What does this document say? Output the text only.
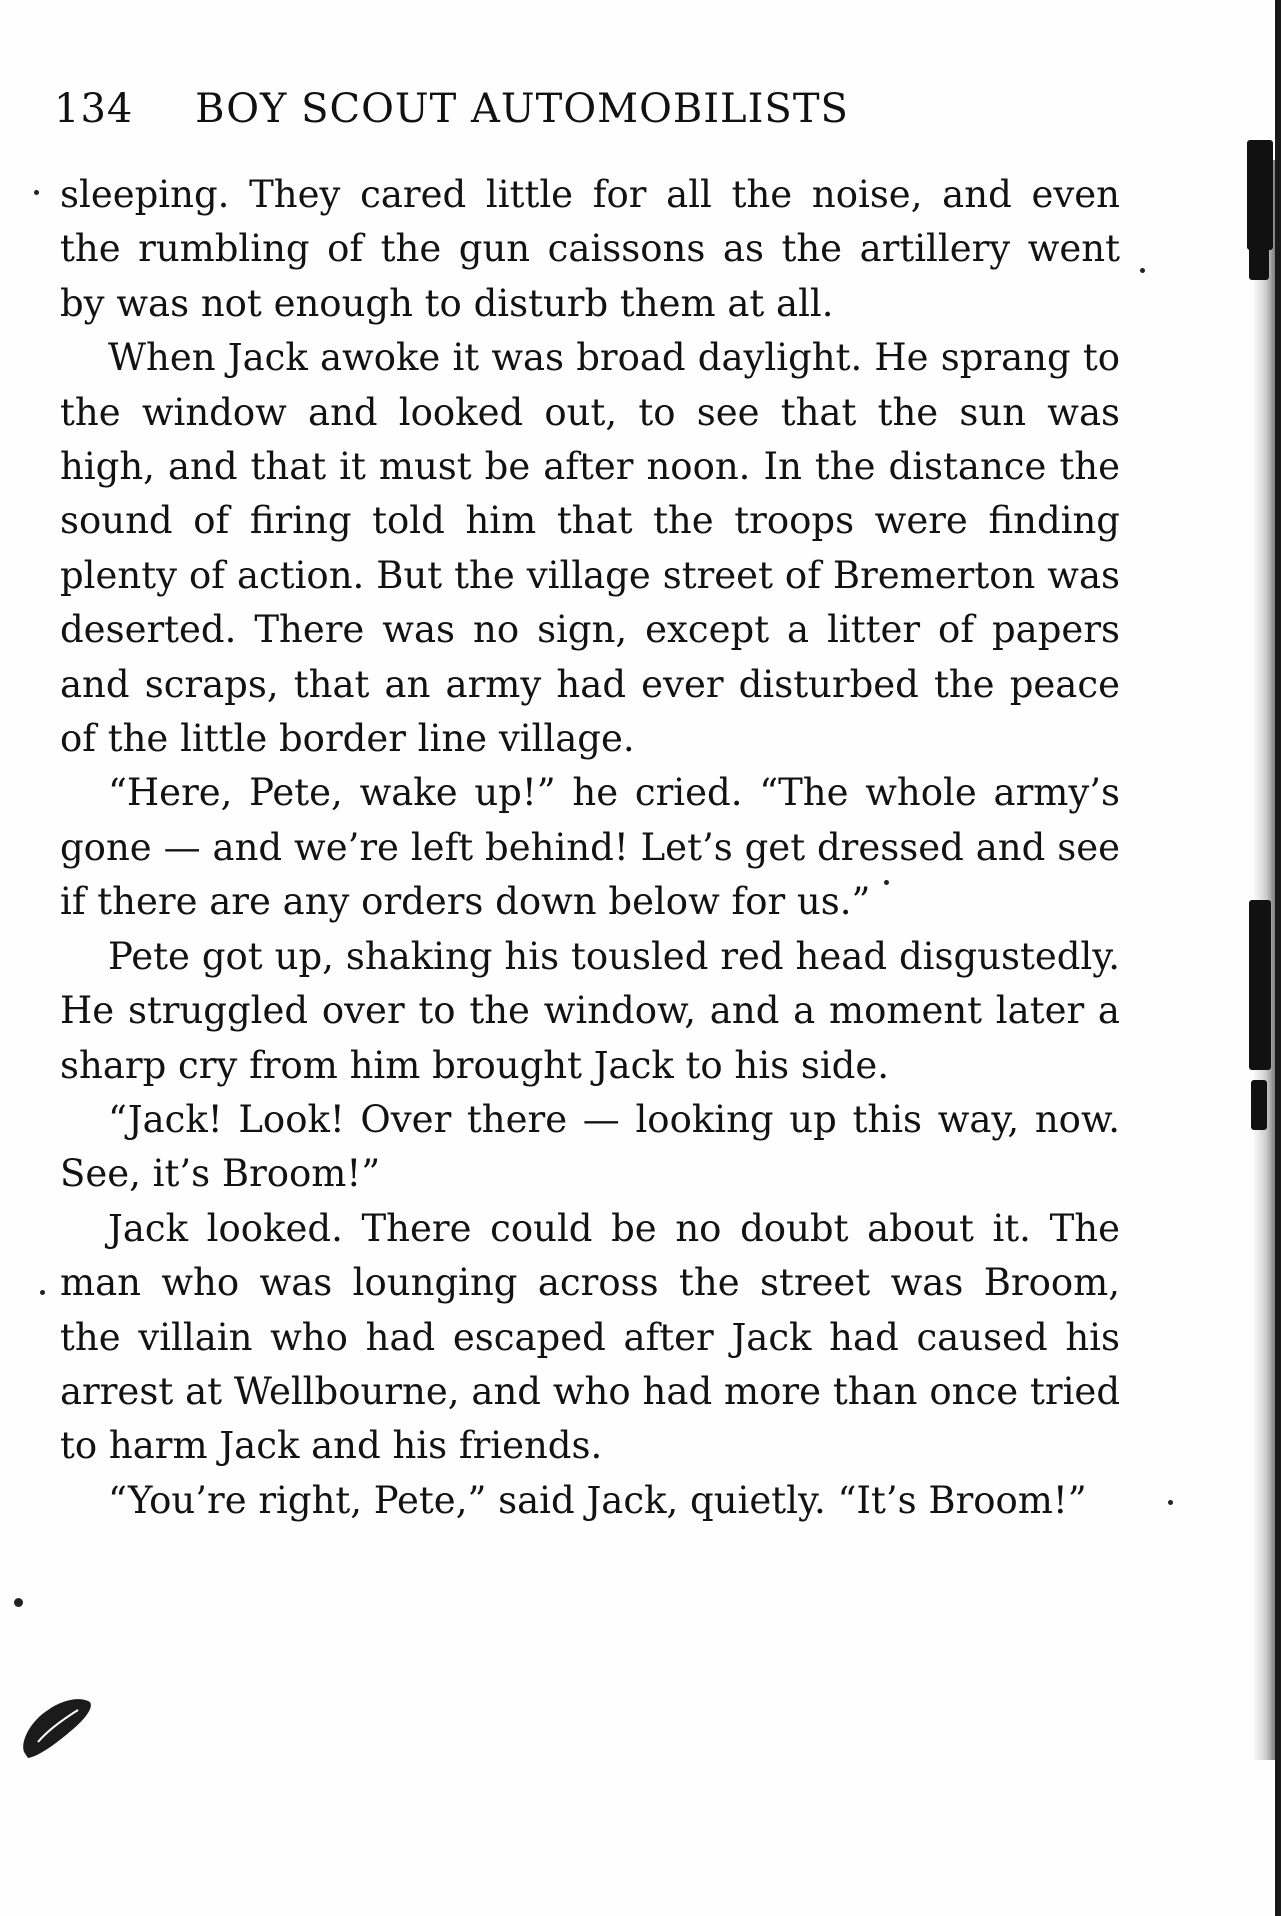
134 BOY SCOUT AUTOMOBILISTS

sleeping. They cared little for all the noise, and even the rumbling of the gun caissons as the artillery went by was not enough to disturb them at all.

When Jack awoke it was broad daylight. He sprang to the window and looked out, to see that the sun was high, and that it must be after noon. In the distance the sound of firing told him that the troops were finding plenty of action. But the village street of Bremerton was deserted. There was no sign, except a litter of papers and scraps, that an army had ever disturbed the peace of the little border line village.

“Here, Pete, wake up!” he cried. “The whole army’s gone — and we’re left behind! Let’s get dressed and see if there are any orders down below for us.”

Pete got up, shaking his tousled red head disgustedly. He struggled over to the window, and a moment later a sharp cry from him brought Jack to his side.

“Jack! Look! Over there — looking up this way, now. See, it’s Broom!”

Jack looked. There could be no doubt about it. The man who was lounging across the street was Broom, the villain who had escaped after Jack had caused his arrest at Wellbourne, and who had more than once tried to harm Jack and his friends.

“You’re right, Pete,” said Jack, quietly. “It’s Broom!”
